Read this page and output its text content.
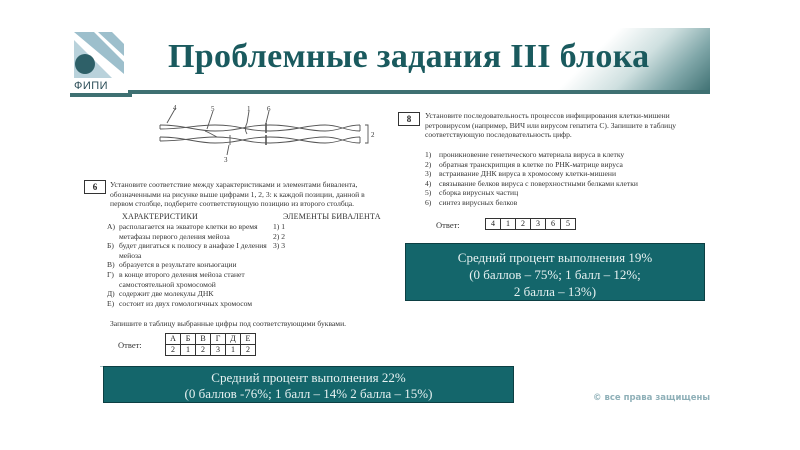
ФИПИ
Проблемные задания III блока
4	5	1 6
2
3
6	Установите соответствие между характеристиками и элементами бивалента, обозначенными на рисунке выше цифрами 1, 2, 3: к каждой позиции, данной в первом столбце, подберите соответствующую позицию из второго столбца.
ХАРАКТЕРИСТИКИ	ЭЛЕМЕНТЫ БИВАЛЕНТА
А) располагается на экваторе клетки во время метафазы первого деления мейоза
Б) будет двигаться к полюсу в анафазе I деления мейоза
В) образуется в результате конъюгации
Г) в конце второго деления мейоза станет самостоятельной хромосомой
Д) содержит две молекулы ДНК
Е) состоит из двух гомологичных хромосом
1) 1
2) 2
3) 3
Запишите в таблицу выбранные цифры под соответствующими буквами.
Ответ:
А	Б	В	Г	Д	Е
2	1	2	3	1	2
8	Установите последовательность процессов инфицирования клетки-мишени ретровирусом (например, ВИЧ или вирусом гепатита С). Запишите в таблицу соответствующую последовательность цифр.
1)	проникновение генетического материала вируса в клетку
2)	обратная транскрипция в клетке по РНК-матрице вируса
3)	встраивание ДНК вируса в хромосому клетки-мишени
4)	связывание белков вируса с поверхностными белками клетки
5)	сборка вирусных частиц
6)	синтез вирусных белков
Ответ:	4	1	2	3	6	5
Средний процент выполнения 19%
(0 баллов – 75%; 1 балл – 12%;
2 балла – 13%)
Средний процент выполнения 22%
(0 баллов -76%; 1 балл – 14% 2 балла – 15%)	© все права защищены
